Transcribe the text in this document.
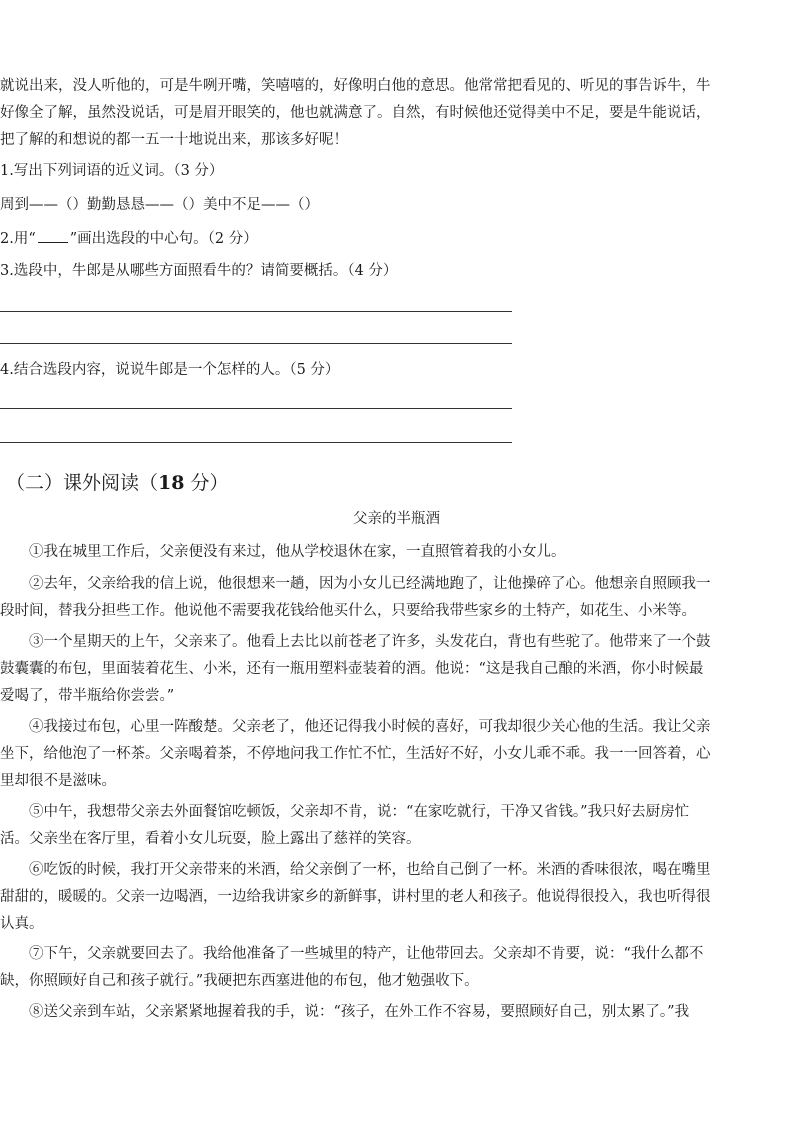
就说出来，没人听他的，可是牛咧开嘴，笑嘻嘻的，好像明白他的意思。他常常把看见的、听见的事告诉牛，牛
好像全了解，虽然没说话，可是眉开眼笑的，他也就满意了。自然，有时候他还觉得美中不足，要是牛能说话，
把了解的和想说的都一五一十地说出来，那该多好呢！
1.写出下列词语的近义词。（3 分）
周到——（）勤勤恳恳——（）美中不足——（）
2.用“ ”画出选段的中心句。（2 分）
3.选段中，牛郎是从哪些方面照看牛的？请简要概括。（4 分）
4.结合选段内容，说说牛郎是一个怎样的人。（5 分）
（二）课外阅读（18 分）
父亲的半瓶酒
　　①我在城里工作后，父亲便没有来过，他从学校退休在家，一直照管着我的小女儿。
　　②去年，父亲给我的信上说，他很想来一趟，因为小女儿已经满地跑了，让他操碎了心。他想亲自照顾我一
段时间，替我分担些工作。他说他不需要我花钱给他买什么，只要给我带些家乡的土特产，如花生、小米等。
　　③一个星期天的上午，父亲来了。他看上去比以前苍老了许多，头发花白，背也有些驼了。他带来了一个鼓
鼓囊囊的布包，里面装着花生、小米，还有一瓶用塑料壶装着的酒。他说：“这是我自己酿的米酒，你小时候最
爱喝了，带半瓶给你尝尝。”
　　④我接过布包，心里一阵酸楚。父亲老了，他还记得我小时候的喜好，可我却很少关心他的生活。我让父亲
坐下，给他泡了一杯茶。父亲喝着茶，不停地问我工作忙不忙，生活好不好，小女儿乖不乖。我一一回答着，心
里却很不是滋味。
　　⑤中午，我想带父亲去外面餐馆吃顿饭，父亲却不肯，说：“在家吃就行，干净又省钱。”我只好去厨房忙
活。父亲坐在客厅里，看着小女儿玩耍，脸上露出了慈祥的笑容。
　　⑥吃饭的时候，我打开父亲带来的米酒，给父亲倒了一杯，也给自己倒了一杯。米酒的香味很浓，喝在嘴里
甜甜的，暖暖的。父亲一边喝酒，一边给我讲家乡的新鲜事，讲村里的老人和孩子。他说得很投入，我也听得很
认真。
　　⑦下午，父亲就要回去了。我给他准备了一些城里的特产，让他带回去。父亲却不肯要，说：“我什么都不
缺，你照顾好自己和孩子就行。”我硬把东西塞进他的布包，他才勉强收下。
　　⑧送父亲到车站，父亲紧紧地握着我的手，说：“孩子，在外工作不容易，要照顾好自己，别太累了。”我
